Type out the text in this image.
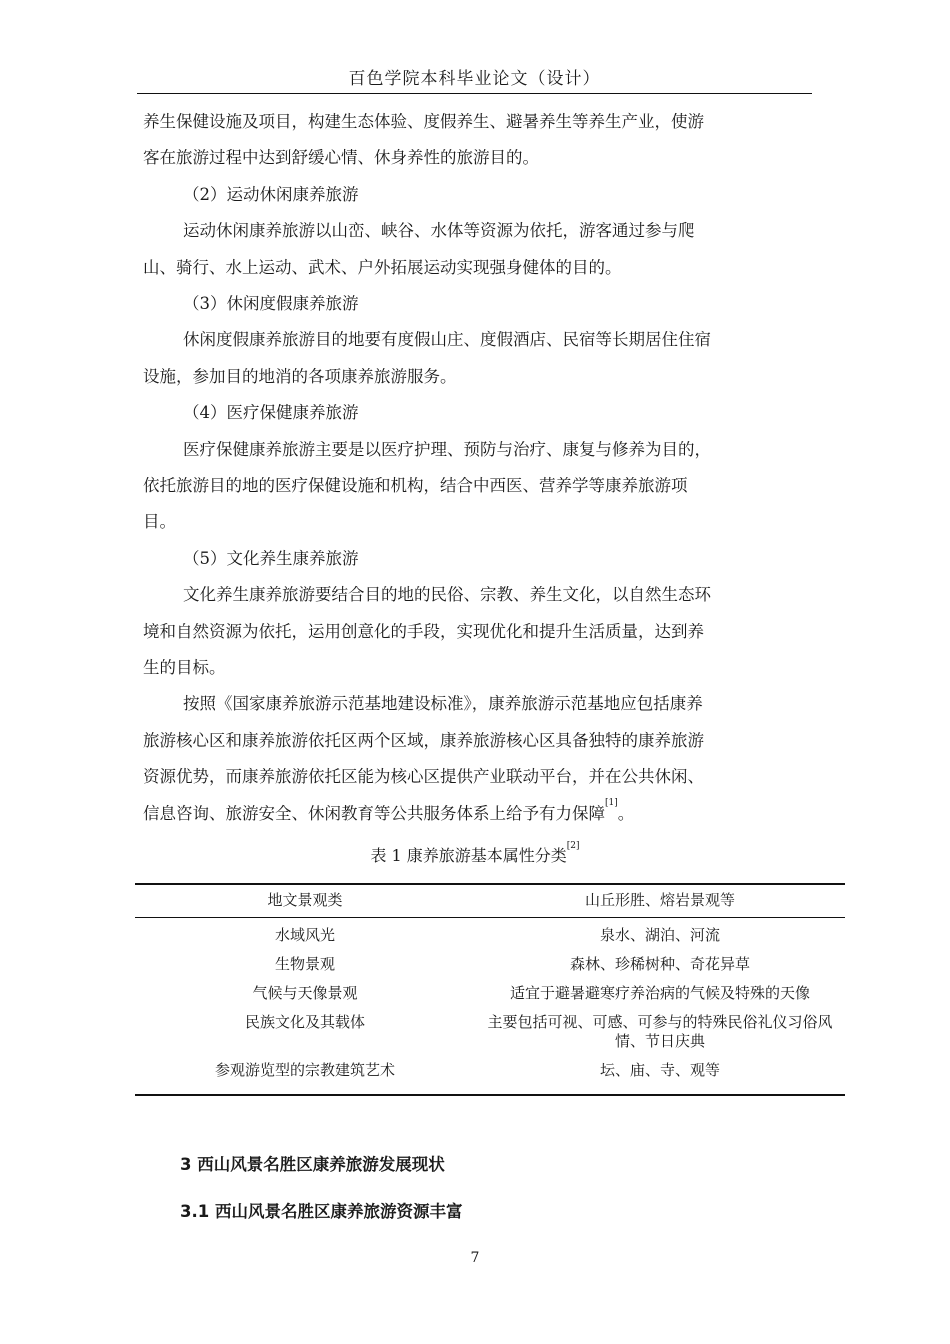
百色学院本科毕业论文（设计）
养生保健设施及项目，构建生态体验、度假养生、避暑养生等养生产业，使游
客在旅游过程中达到舒缓心情、休身养性的旅游目的。
（2）运动休闲康养旅游
运动休闲康养旅游以山峦、峡谷、水体等资源为依托，游客通过参与爬
山、骑行、水上运动、武术、户外拓展运动实现强身健体的目的。
（3）休闲度假康养旅游
休闲度假康养旅游目的地要有度假山庄、度假酒店、民宿等长期居住住宿
设施，参加目的地消的各项康养旅游服务。
（4）医疗保健康养旅游
医疗保健康养旅游主要是以医疗护理、预防与治疗、康复与修养为目的，
依托旅游目的地的医疗保健设施和机构，结合中西医、营养学等康养旅游项
目。
（5）文化养生康养旅游
文化养生康养旅游要结合目的地的民俗、宗教、养生文化，以自然生态环
境和自然资源为依托，运用创意化的手段，实现优化和提升生活质量，达到养
生的目标。
按照《国家康养旅游示范基地建设标准》，康养旅游示范基地应包括康养
旅游核心区和康养旅游依托区两个区域，康养旅游核心区具备独特的康养旅游
资源优势，而康养旅游依托区能为核心区提供产业联动平台，并在公共休闲、
信息咨询、旅游安全、休闲教育等公共服务体系上给予有力保障[1]。
表 1 康养旅游基本属性分类[2]
地文景观类	山丘形胜、熔岩景观等
水域风光	泉水、湖泊、河流
生物景观	森林、珍稀树种、奇花异草
气候与天像景观	适宜于避暑避寒疗养治病的气候及特殊的天像
民族文化及其载体	主要包括可视、可感、可参与的特殊民俗礼仪习俗风情、节日庆典
参观游览型的宗教建筑艺术	坛、庙、寺、观等
3 西山风景名胜区康养旅游发展现状
3.1 西山风景名胜区康养旅游资源丰富
7
